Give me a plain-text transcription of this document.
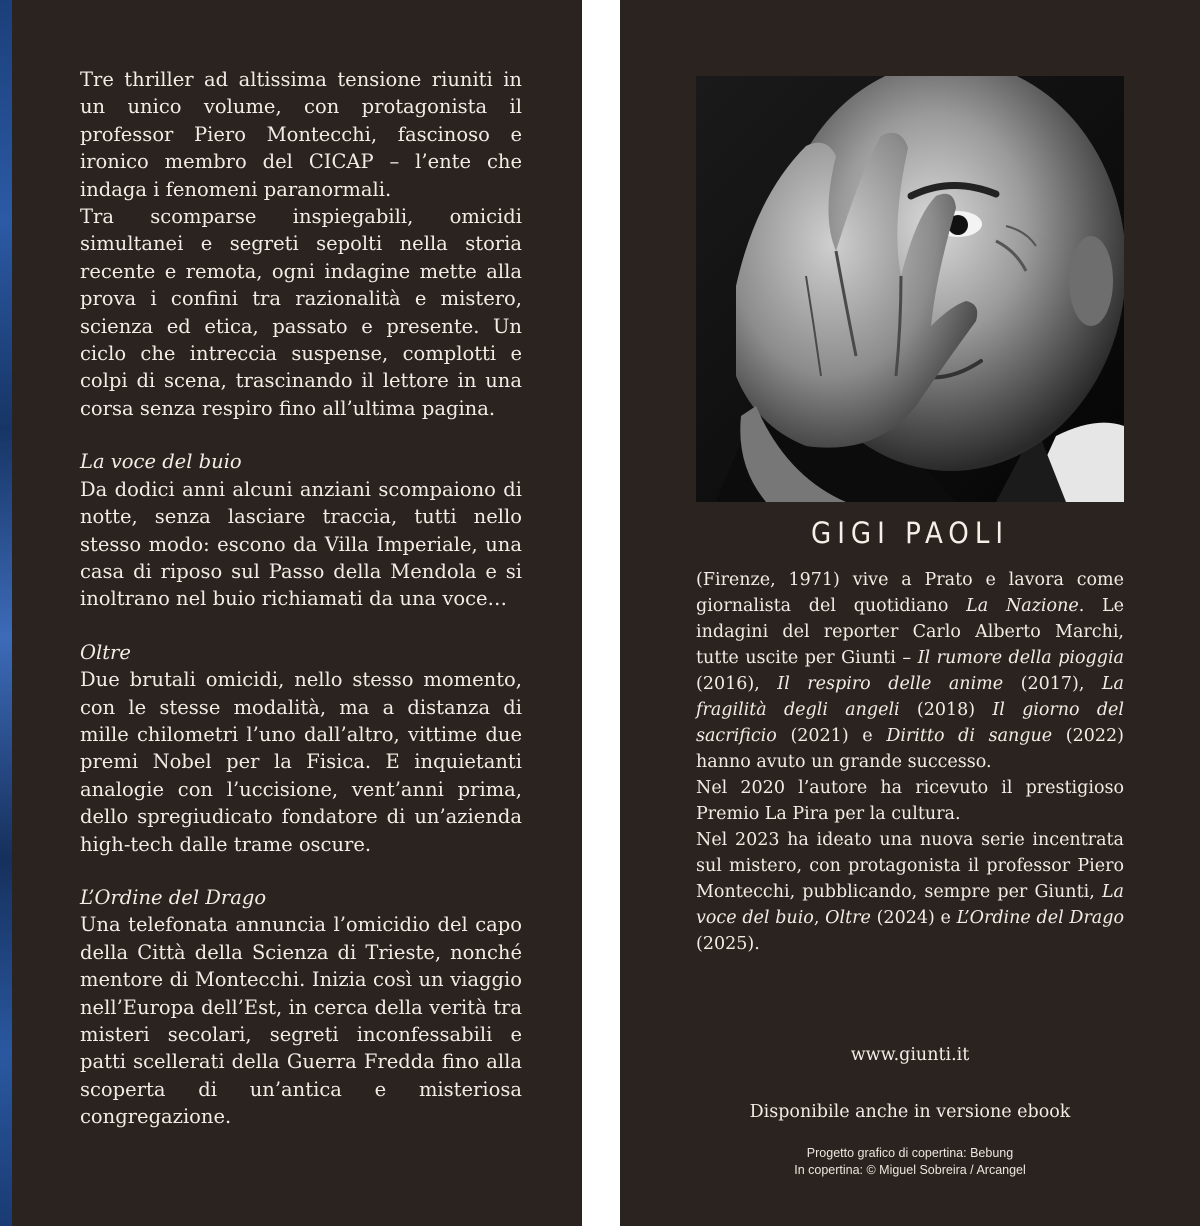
Tre thriller ad altissima tensione riuniti in un unico volume, con protagonista il professor Piero Montecchi, fascinoso e ironico membro del CICAP – l’ente che indaga i fenomeni paranormali.

Tra scomparse inspiegabili, omicidi simultanei e segreti sepolti nella storia recente e remota, ogni indagine mette alla prova i confini tra razionalità e mistero, scienza ed etica, passato e presente. Un ciclo che intreccia suspense, complotti e colpi di scena, trascinando il lettore in una corsa senza respiro fino all’ultima pagina.

La voce del buio

Da dodici anni alcuni anziani scompaiono di notte, senza lasciare traccia, tutti nello stesso modo: escono da Villa Imperiale, una casa di riposo sul Passo della Mendola e si inoltrano nel buio richiamati da una voce…

Oltre

Due brutali omicidi, nello stesso momento, con le stesse modalità, ma a distanza di mille chilometri l’uno dall’altro, vittime due premi Nobel per la Fisica. E inquietanti analogie con l’uccisione, vent’anni prima, dello spregiudicato fondatore di un’azienda high-tech dalle trame oscure.

L’Ordine del Drago

Una telefonata annuncia l’omicidio del capo della Città della Scienza di Trieste, nonché mentore di Montecchi. Inizia così un viaggio nell’Europa dell’Est, in cerca della verità tra misteri secolari, segreti inconfessabili e patti scellerati della Guerra Fredda fino alla scoperta di un’antica e misteriosa congregazione.

GIGI PAOLI

(Firenze, 1971) vive a Prato e lavora come giornalista del quotidiano La Nazione. Le indagini del reporter Carlo Alberto Marchi, tutte uscite per Giunti – Il rumore della pioggia (2016), Il respiro delle anime (2017), La fragilità degli angeli (2018) Il giorno del sacrificio (2021) e Diritto di sangue (2022) hanno avuto un grande successo.

Nel 2020 l’autore ha ricevuto il prestigioso Premio La Pira per la cultura.

Nel 2023 ha ideato una nuova serie incentrata sul mistero, con protagonista il professor Piero Montecchi, pubblicando, sempre per Giunti, La voce del buio, Oltre (2024) e L’Ordine del Drago (2025).

www.giunti.it
Disponibile anche in versione ebook
Progetto grafico di copertina: Bebung
In copertina: © Miguel Sobreira / Arcangel
